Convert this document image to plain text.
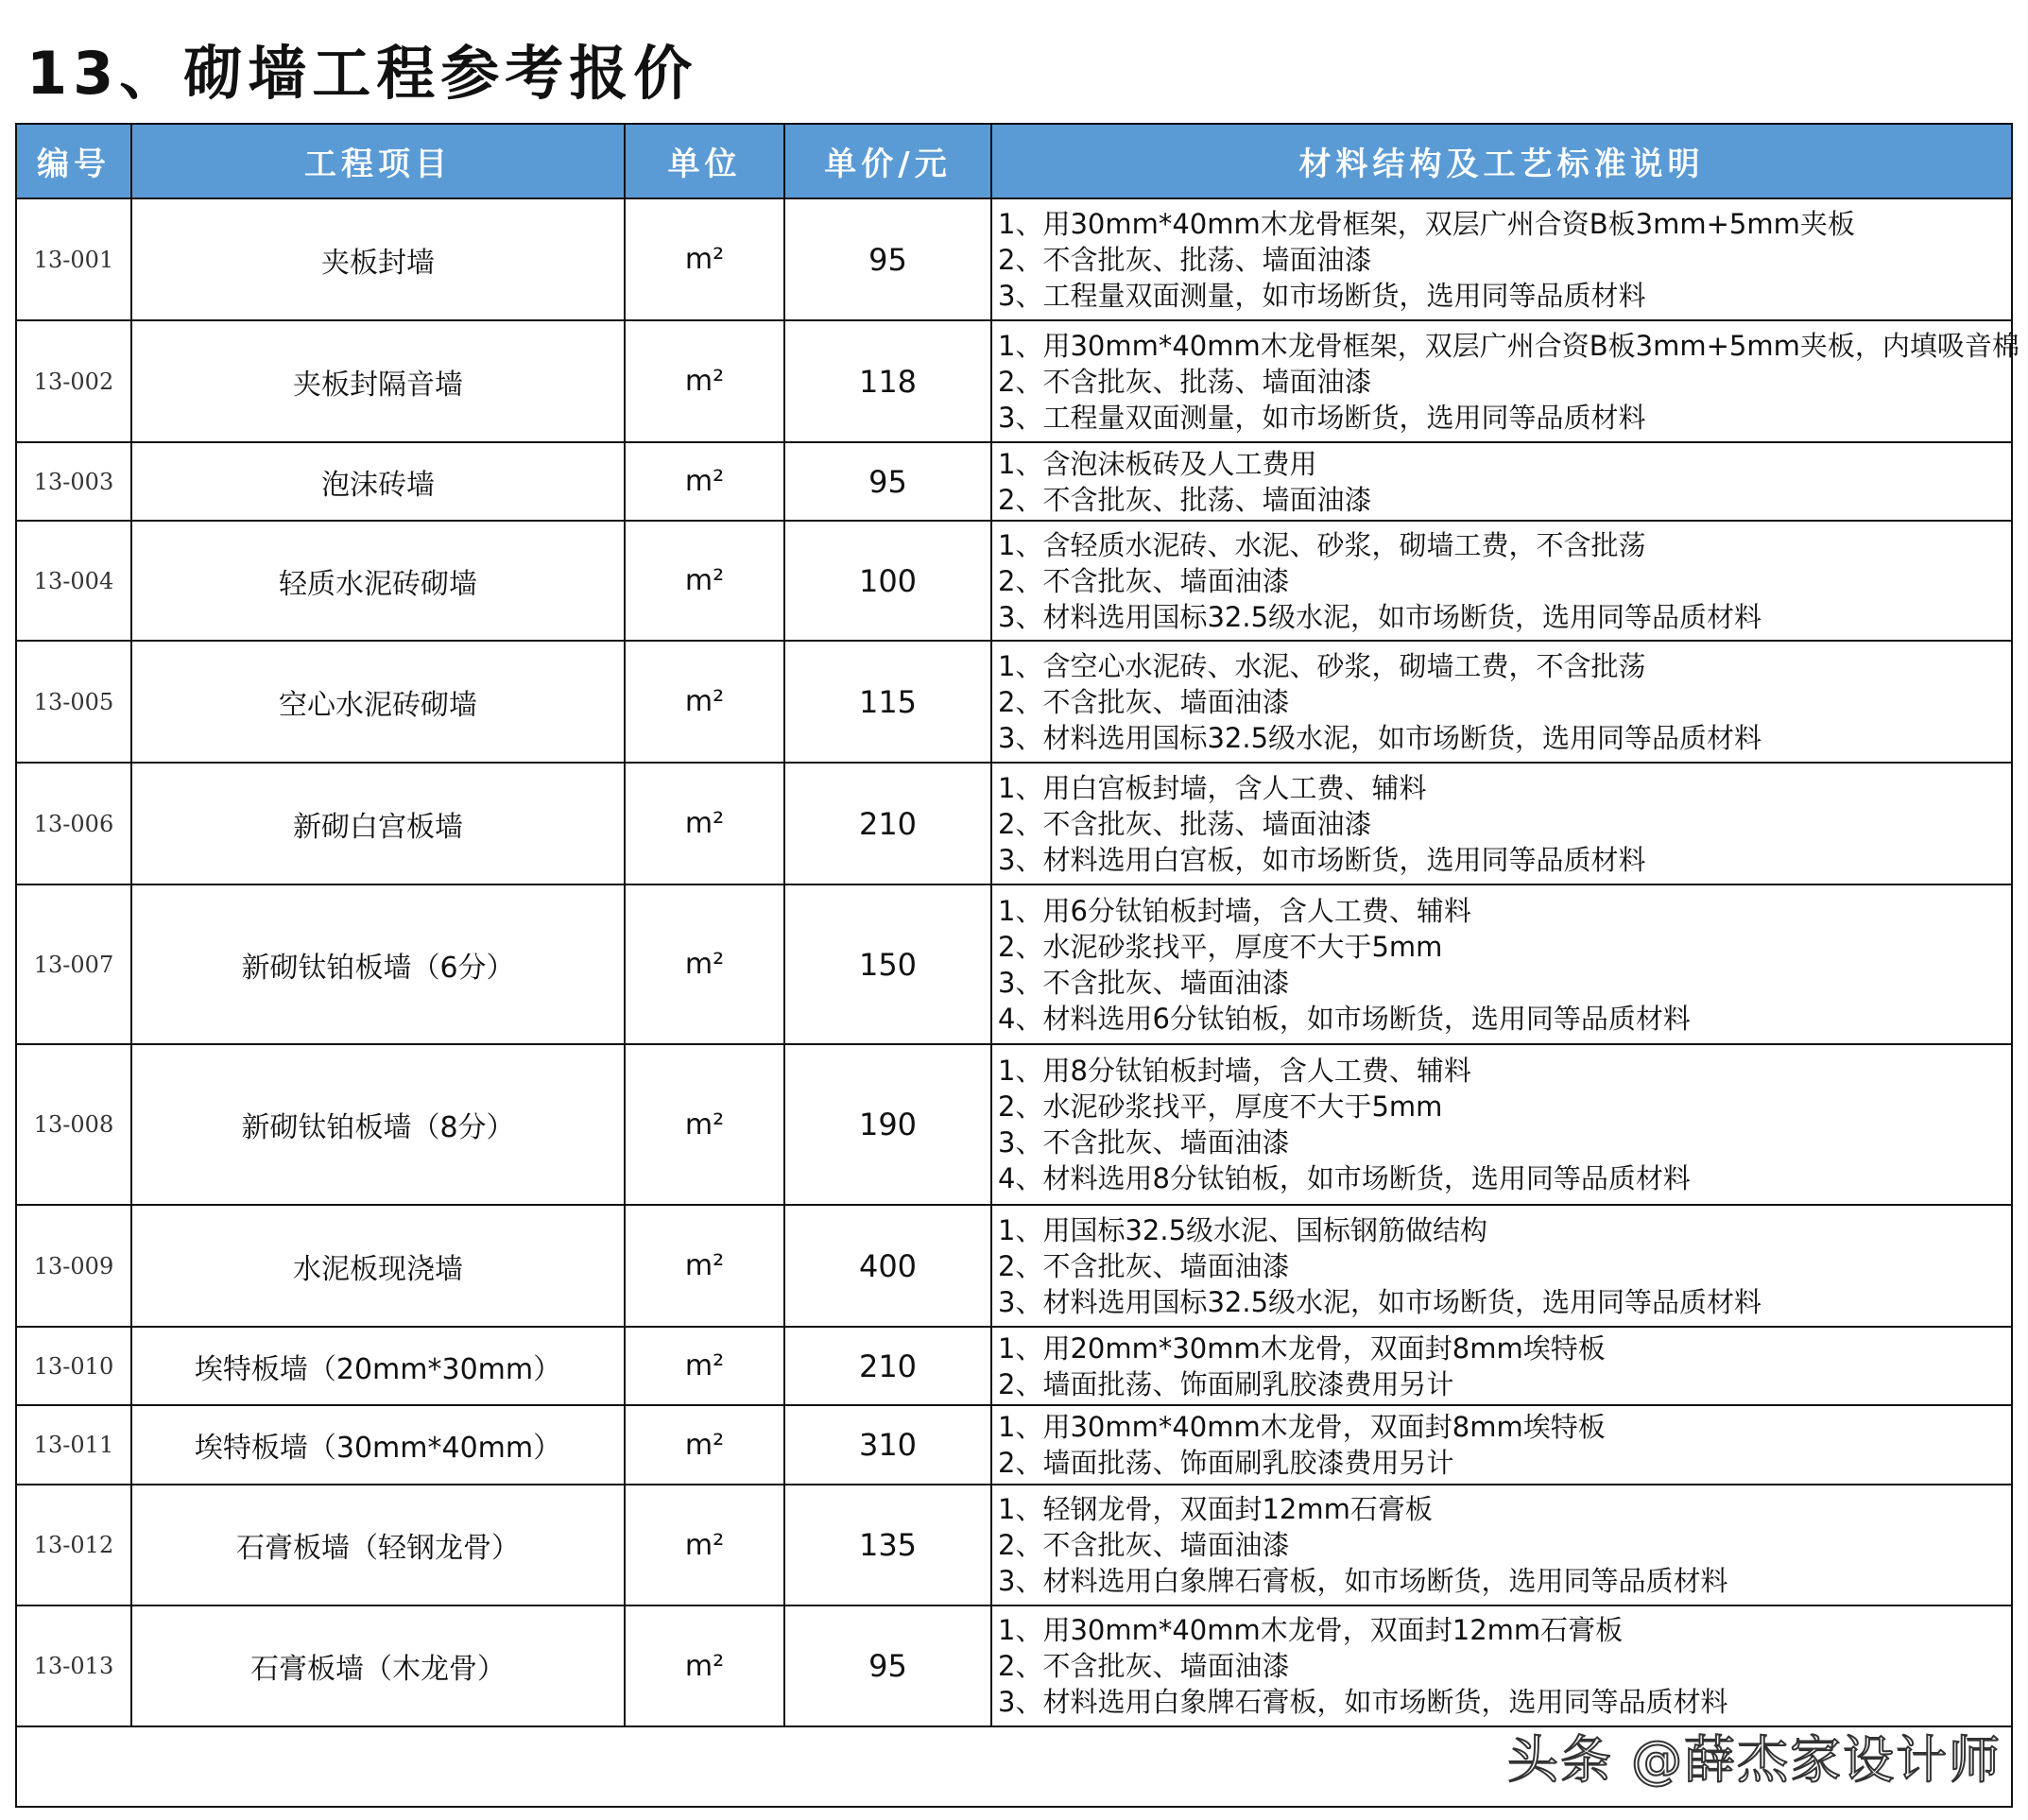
13、砌墙工程参考报价
编号	工程项目	单位	单价/元	材料结构及工艺标准说明
13-001	夹板封墙	m²	95	1、用30mm*40mm木龙骨框架，双层广州合资B板3mm+5mm夹板
2、不含批灰、批荡、墙面油漆
3、工程量双面测量，如市场断货，选用同等品质材料

13-002	夹板封隔音墙	m²	118	1、用30mm*40mm木龙骨框架，双层广州合资B板3mm+5mm夹板，内填吸音棉
2、不含批灰、批荡、墙面油漆
3、工程量双面测量，如市场断货，选用同等品质材料

13-003	泡沫砖墙	m²	95	1、含泡沫板砖及人工费用
2、不含批灰、批荡、墙面油漆

13-004	轻质水泥砖砌墙	m²	100	1、含轻质水泥砖、水泥、砂浆，砌墙工费，不含批荡
2、不含批灰、墙面油漆
3、材料选用国标32.5级水泥，如市场断货，选用同等品质材料

13-005	空心水泥砖砌墙	m²	115	1、含空心水泥砖、水泥、砂浆，砌墙工费，不含批荡
2、不含批灰、墙面油漆
3、材料选用国标32.5级水泥，如市场断货，选用同等品质材料

13-006	新砌白宫板墙	m²	210	1、用白宫板封墙，含人工费、辅料
2、不含批灰、批荡、墙面油漆
3、材料选用白宫板，如市场断货，选用同等品质材料

13-007	新砌钛铂板墙（6分）	m²	150	1、用6分钛铂板封墙，含人工费、辅料
2、水泥砂浆找平，厚度不大于5mm
3、不含批灰、墙面油漆
4、材料选用6分钛铂板，如市场断货，选用同等品质材料

13-008	新砌钛铂板墙（8分）	m²	190	1、用8分钛铂板封墙，含人工费、辅料
2、水泥砂浆找平，厚度不大于5mm
3、不含批灰、墙面油漆
4、材料选用8分钛铂板，如市场断货，选用同等品质材料

13-009	水泥板现浇墙	m²	400	1、用国标32.5级水泥、国标钢筋做结构
2、不含批灰、墙面油漆
3、材料选用国标32.5级水泥，如市场断货，选用同等品质材料

13-010	埃特板墙（20mm*30mm）	m²	210	1、用20mm*30mm木龙骨，双面封8mm埃特板
2、墙面批荡、饰面刷乳胶漆费用另计

13-011	埃特板墙（30mm*40mm）	m²	310	1、用30mm*40mm木龙骨，双面封8mm埃特板
2、墙面批荡、饰面刷乳胶漆费用另计

13-012	石膏板墙（轻钢龙骨）	m²	135	1、轻钢龙骨，双面封12mm石膏板
2、不含批灰、墙面油漆
3、材料选用白象牌石膏板，如市场断货，选用同等品质材料

13-013	石膏板墙（木龙骨）	m²	95	1、用30mm*40mm木龙骨，双面封12mm石膏板
2、不含批灰、墙面油漆
3、材料选用白象牌石膏板，如市场断货，选用同等品质材料

头条 @薛杰家设计师
